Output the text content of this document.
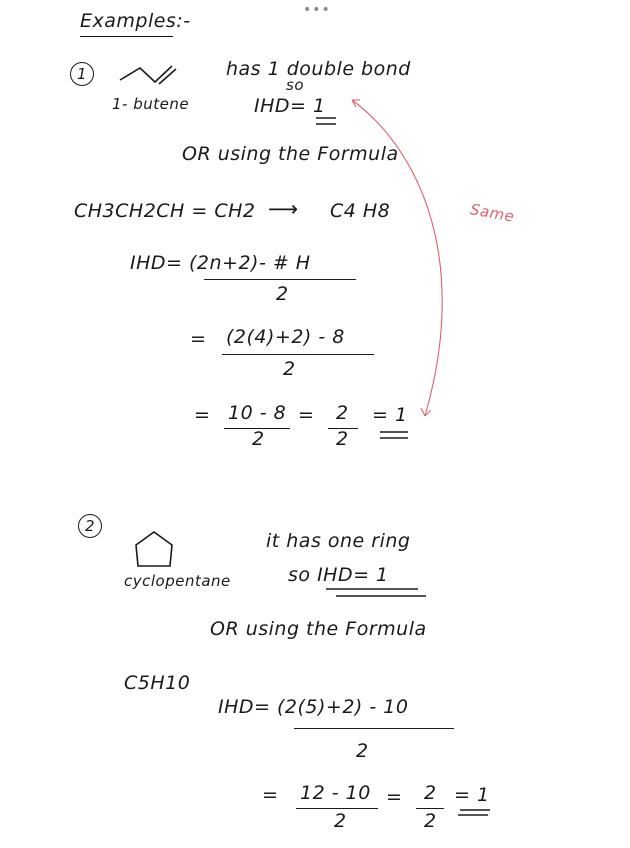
•••
Examples:-
1
1- butene
has 1 double bond
so
IHD= 1
OR using the Formula
CH3CH2CH = CH2 ⟶ C4 H8	Same
IHD= (2n+2)- # H
2
= (2(4)+2) - 8
2
= 10 - 8
2
= 2
2
= 1
2
cyclopentane
it has one ring
so IHD= 1
OR using the Formula
C5H10
IHD= (2(5)+2) - 10
2
= 12 - 10
2
= 2
2
= 1
